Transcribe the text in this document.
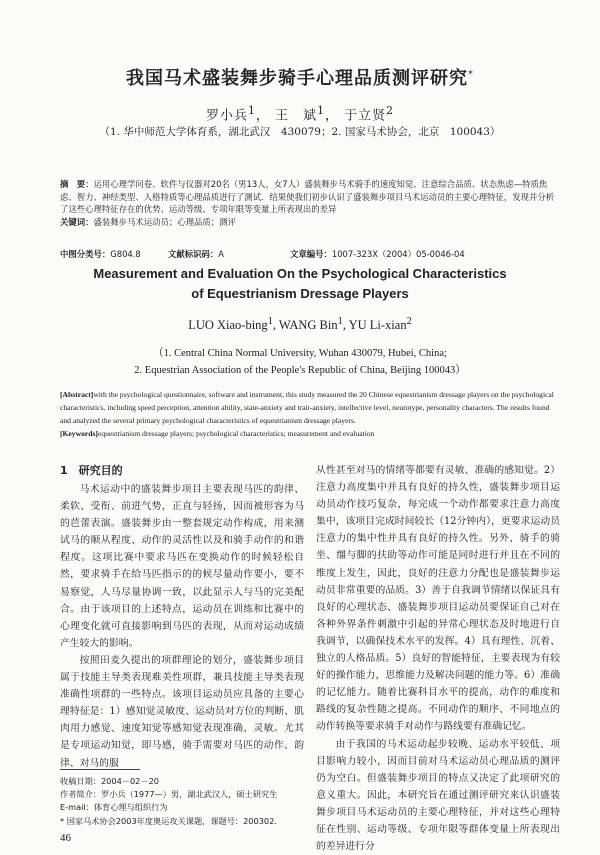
我国马术盛装舞步骑手心理品质测评研究*
罗小兵$^1$， 王　斌$^1$， 于立贤$^2$
（1. 华中师范大学体育系，湖北武汉　430079；2. 国家马术协会，北京　100043）
摘　要：运用心理学问卷、软件与仪器对20名（男13人，女7人）盛装舞步马术骑手的速度知觉、注意综合品质、状态焦虑—特质焦虑、智力、神经类型、人格特质等心理品质进行了测试．结果使我们初步认识了盛装舞步项目马术运动员的主要心理特征，发现并分析了这些心理特征存在的优势、运动等级、专项年限等变量上所表现出的差异
关键词：盛装舞步马术运动员；心理品质；测评
中图分类号：G804.8	文献标识码：A	文章编号：1007-323X（2004）05-0046-04
Measurement and Evaluation On the Psychological Characteristics
of Equestrianism Dressage Players
LUO Xiao-bing$^1$, WANG Bin$^1$, YU Li-xian$^2$
（1. Central China Normal University, Wuhan 430079, Hubei, China;
2. Equestrian Association of the People's Republic of China, Beijing 100043）
[Abstract]with the psychological questionnaire, software and instrument, this study measured the 20 Chinese equestrianism dressage players on the psychological characteristics, including speed perception, attention ability, state-anxiety and trait-anxiety, intellective level, neurotype, personality characters. The results found and analyzed the several primary psychological characteristics of equestrianism dressage players.
[Keywords]equestrianism dressage players; psychological characteristics; measurement and evaluation
1　研究目的

马术运动中的盛装舞步项目主要表现马匹的韵律、柔软、受衔、前进气势，正直与轻扬，因而被形容为马的芭蕾表演。盛装舞步由一整套规定动作构成，用来测试马的顺从程度、动作的灵活性以及和骑手动作的和谐程度。这项比赛中要求马匹在变换动作的时候轻松自然，要求骑手在给马匹指示的的候尽量动作要小，要不易察觉，人马尽量协调一致，以此显示人与马的完美配合。由于该项目的上述特点，运动员在训练和比赛中的心理变化就可直接影响到马匹的表现，从而对运动成绩产生较大的影响。

按照田麦久提出的项群理论的划分，盛装舞步项目属于技能主导类表现难美性项群，兼具技能主导类表现准确性项群的一些特点。该项目运动员应具备的主要心理特征是：1）感知觉灵敏度、运动员对方位的判断、肌肉用力感觉、速度知觉等感知觉表现准确、灵敏。尤其是专项运动知觉，即马感，骑手需要对马匹的动作、韵律、对马的服

从性甚至对马的情绪等都要有灵敏、准确的感知觉。2）注意力高度集中并具有良好的持久性，盛装舞步项目运动员动作技巧复杂，每完成一个动作都要求注意力高度集中，该项目完成时间较长（12分钟内），更要求运动员注意力的集中性并具有良好的持久性。另外，骑手的骑坐、缰与脚的扶助等动作可能是同时进行并且在不同的维度上发生，因此，良好的注意力分配也是盛装舞步运动员非常重要的品质。3）善于自我调节情绪以保证具有良好的心理状态、盛装舞步项目运动员要保证自己对在各种外界条件刺激中引起的异常心理状态及时地进行自我调节，以确保技术水平的发挥。4）具有理性、沉着、独立的人格品质。5）良好的智能特征，主要表现为有较好的操作能力，思维能力及解决问题的能力等。6）准确的记忆能力。随着比赛科目水平的提高，动作的难度和路线的复杂性随之提高。不同动作的顺序、不同地点的动作转换等要求骑手对动作与路线要有准确记忆。

由于我国的马术运动起步较晚、运动水平较低、项目影响力较小，因而目前对马术运动员心理品质的测评仍为空白。但盛装舞步项目的特点又决定了此项研究的意义重大。因此，本研究旨在通过测评研究来认识盛装舞步项目马术运动员的主要心理特征，并对这些心理特征在性别、运动等级、专项年限等群体变量上所表现出的差异进行分

收稿日期：2004－02－20
作者简介：罗小兵（1977—）男，湖北武汉人，硕士研究生
E-mail：体育心理与组织行为
* 国家马术协会2003年度奥运攻关课题，课题号：200302．
46
